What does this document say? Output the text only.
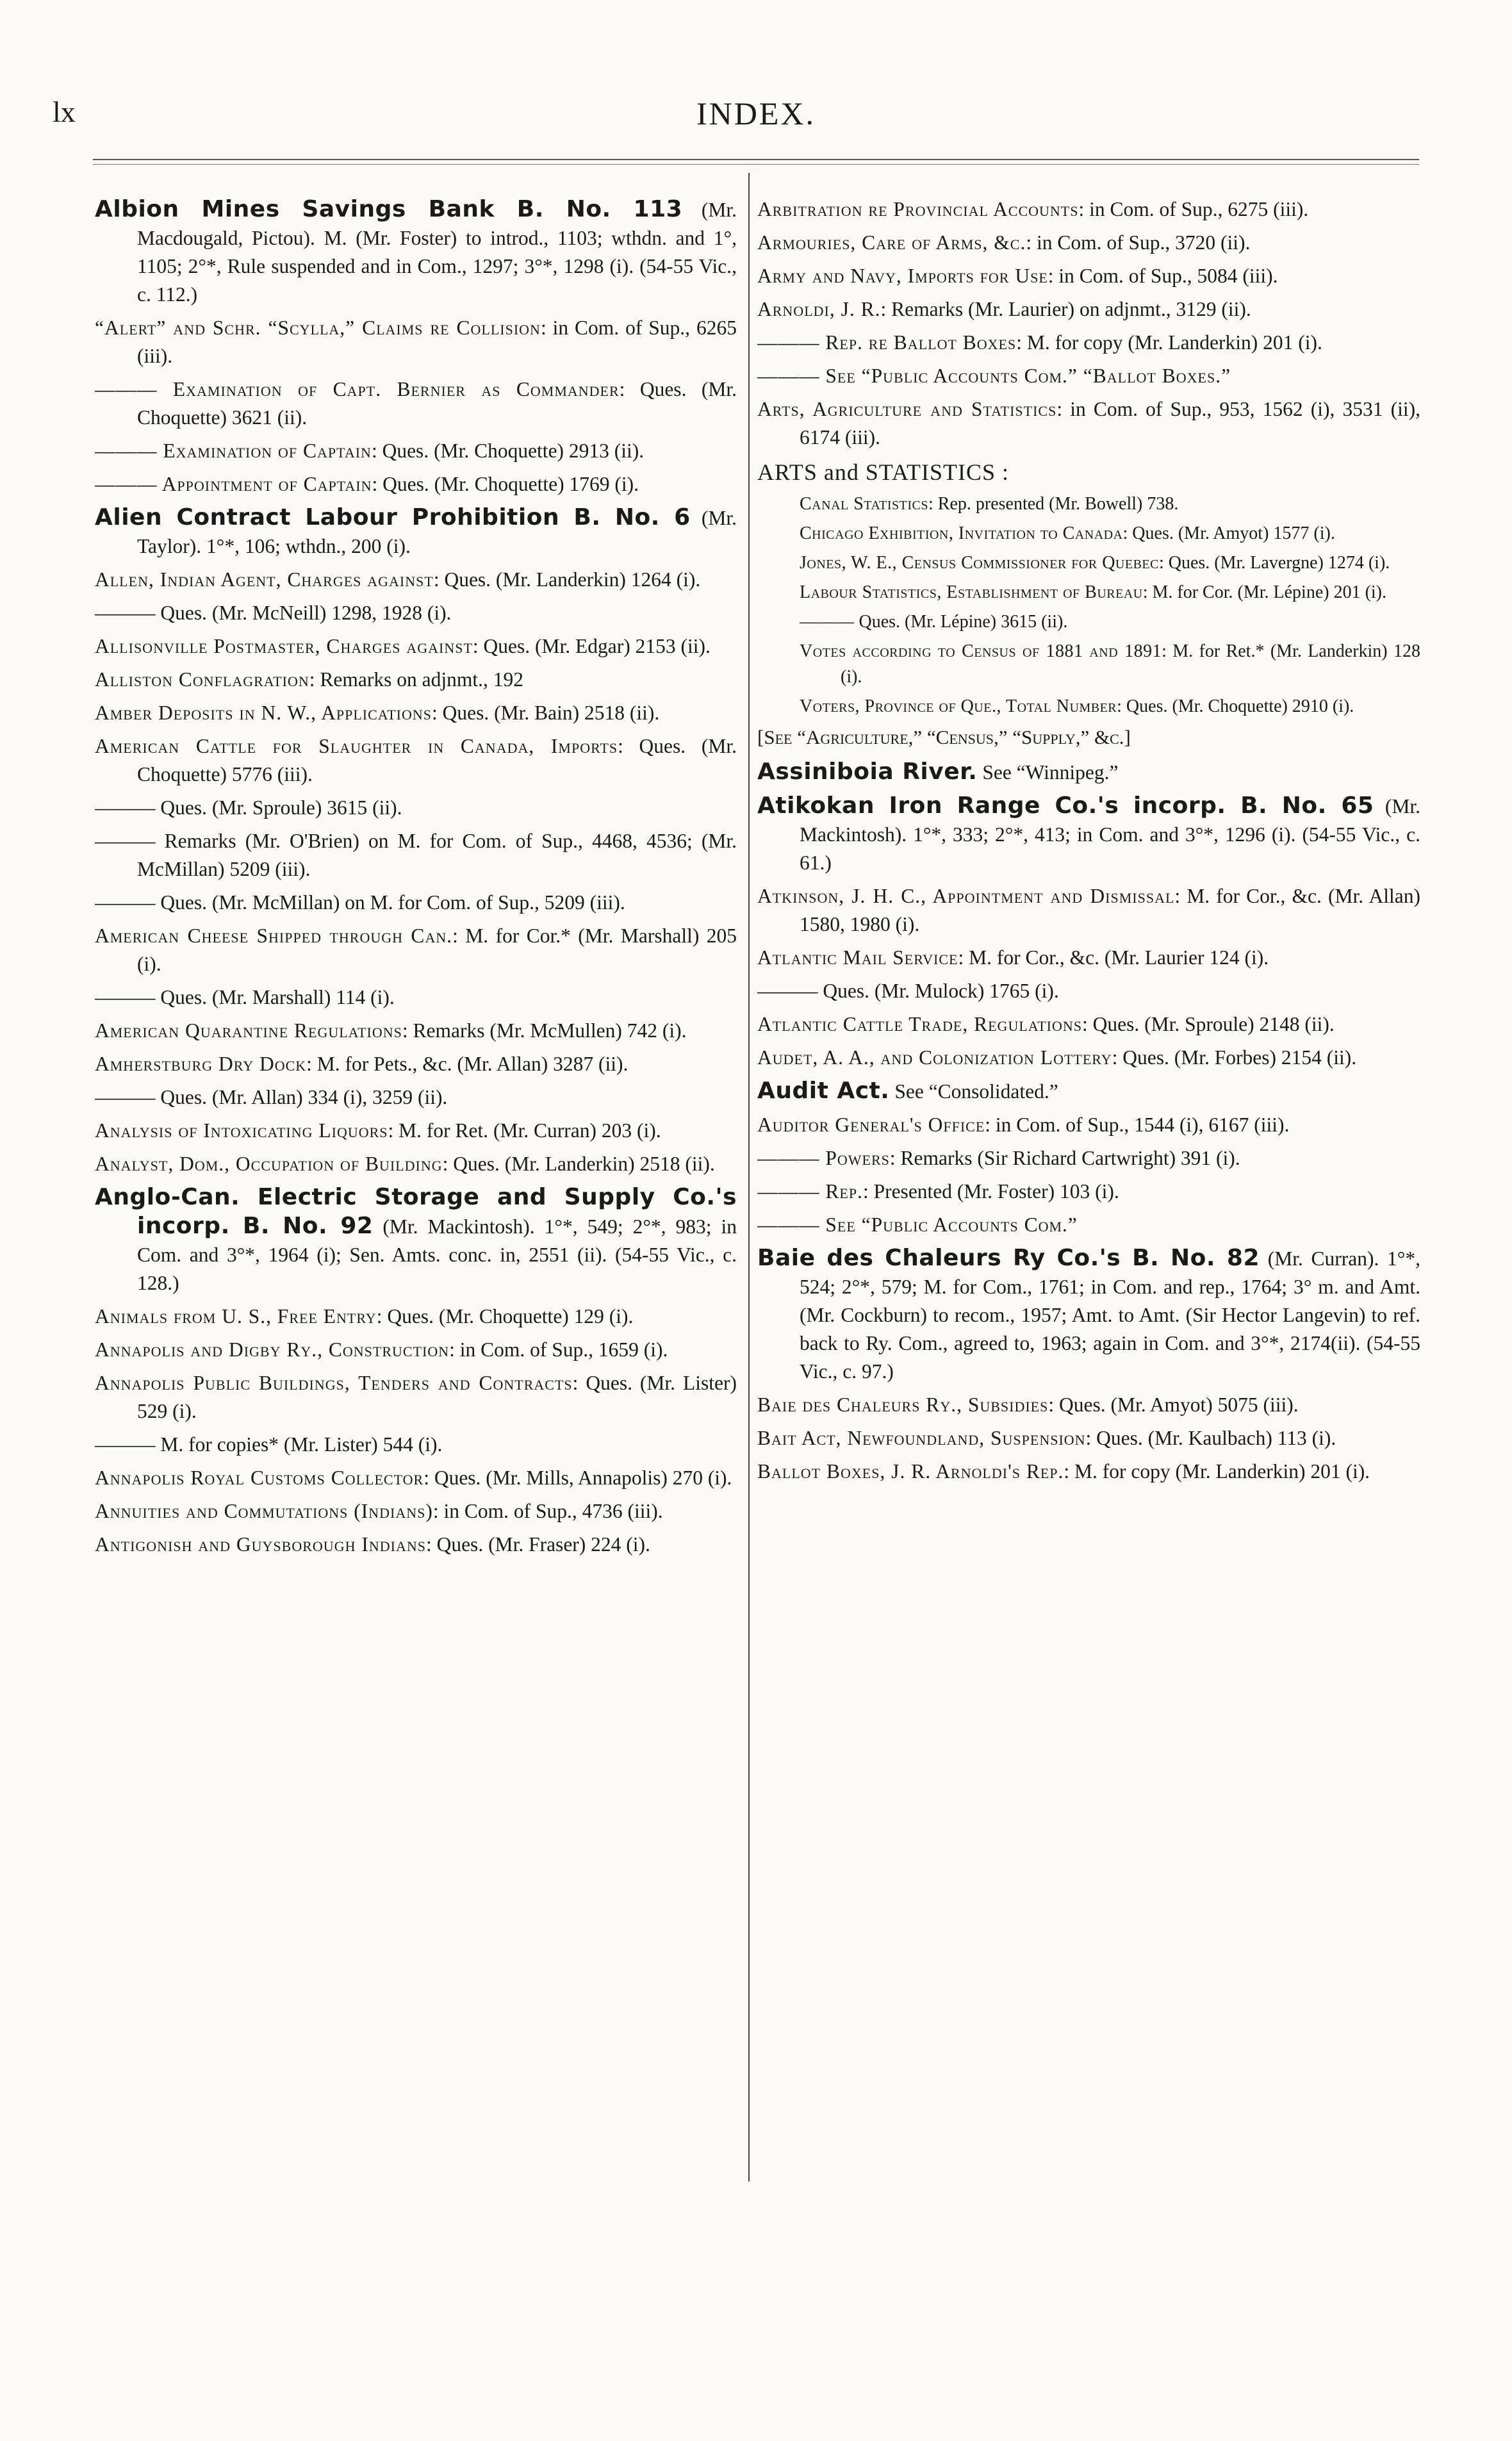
lx	INDEX.

Albion Mines Savings Bank B. No. 113 (Mr. Macdougald, Pictou). M. (Mr. Foster) to introd., 1103; wthdn. and 1°, 1105; 2°*, Rule suspended and in Com., 1297; 3°*, 1298 (i). (54-55 Vic., c. 112.)

“Alert” and Schr. “Scylla,” Claims re Collision: in Com. of Sup., 6265 (iii).

——— Examination of Capt. Bernier as Commander: Ques. (Mr. Choquette) 3621 (ii).

——— Examination of Captain: Ques. (Mr. Choquette) 2913 (ii).

——— Appointment of Captain: Ques. (Mr. Choquette) 1769 (i).

Alien Contract Labour Prohibition B. No. 6 (Mr. Taylor). 1°*, 106; wthdn., 200 (i).

Allen, Indian Agent, Charges against: Ques. (Mr. Landerkin) 1264 (i).

——— Ques. (Mr. McNeill) 1298, 1928 (i).

Allisonville Postmaster, Charges against: Ques. (Mr. Edgar) 2153 (ii).

Alliston Conflagration: Remarks on adjnmt., 192

Amber Deposits in N. W., Applications: Ques. (Mr. Bain) 2518 (ii).

American Cattle for Slaughter in Canada, Imports: Ques. (Mr. Choquette) 5776 (iii).

——— Ques. (Mr. Sproule) 3615 (ii).

——— Remarks (Mr. O'Brien) on M. for Com. of Sup., 4468, 4536; (Mr. McMillan) 5209 (iii).

——— Ques. (Mr. McMillan) on M. for Com. of Sup., 5209 (iii).

American Cheese Shipped through Can.: M. for Cor.* (Mr. Marshall) 205 (i).

——— Ques. (Mr. Marshall) 114 (i).

American Quarantine Regulations: Remarks (Mr. McMullen) 742 (i).

Amherstburg Dry Dock: M. for Pets., &c. (Mr. Allan) 3287 (ii).

——— Ques. (Mr. Allan) 334 (i), 3259 (ii).

Analysis of Intoxicating Liquors: M. for Ret. (Mr. Curran) 203 (i).

Analyst, Dom., Occupation of Building: Ques. (Mr. Landerkin) 2518 (ii).

Anglo-Can. Electric Storage and Supply Co.'s incorp. B. No. 92 (Mr. Mackintosh). 1°*, 549; 2°*, 983; in Com. and 3°*, 1964 (i); Sen. Amts. conc. in, 2551 (ii). (54-55 Vic., c. 128.)

Animals from U. S., Free Entry: Ques. (Mr. Choquette) 129 (i).

Annapolis and Digby Ry., Construction: in Com. of Sup., 1659 (i).

Annapolis Public Buildings, Tenders and Contracts: Ques. (Mr. Lister) 529 (i).

——— M. for copies* (Mr. Lister) 544 (i).

Annapolis Royal Customs Collector: Ques. (Mr. Mills, Annapolis) 270 (i).

Annuities and Commutations (Indians): in Com. of Sup., 4736 (iii).

Antigonish and Guysborough Indians: Ques. (Mr. Fraser) 224 (i).

Arbitration re Provincial Accounts: in Com. of Sup., 6275 (iii).

Armouries, Care of Arms, &c.: in Com. of Sup., 3720 (ii).

Army and Navy, Imports for Use: in Com. of Sup., 5084 (iii).

Arnoldi, J. R.: Remarks (Mr. Laurier) on adjnmt., 3129 (ii).

——— Rep. re Ballot Boxes: M. for copy (Mr. Landerkin) 201 (i).

——— See “Public Accounts Com.” “Ballot Boxes.”

Arts, Agriculture and Statistics: in Com. of Sup., 953, 1562 (i), 3531 (ii), 6174 (iii).

ARTS and STATISTICS :

Canal Statistics: Rep. presented (Mr. Bowell) 738.

Chicago Exhibition, Invitation to Canada: Ques. (Mr. Amyot) 1577 (i).

Jones, W. E., Census Commissioner for Quebec: Ques. (Mr. Lavergne) 1274 (i).

Labour Statistics, Establishment of Bureau: M. for Cor. (Mr. Lépine) 201 (i).

——— Ques. (Mr. Lépine) 3615 (ii).

Votes according to Census of 1881 and 1891: M. for Ret.* (Mr. Landerkin) 128 (i).

Voters, Province of Que., Total Number: Ques. (Mr. Choquette) 2910 (i).

[See “Agriculture,” “Census,” “Supply,” &c.]

Assiniboia River. See “Winnipeg.”

Atikokan Iron Range Co.'s incorp. B. No. 65 (Mr. Mackintosh). 1°*, 333; 2°*, 413; in Com. and 3°*, 1296 (i). (54-55 Vic., c. 61.)

Atkinson, J. H. C., Appointment and Dismissal: M. for Cor., &c. (Mr. Allan) 1580, 1980 (i).

Atlantic Mail Service: M. for Cor., &c. (Mr. Laurier 124 (i).

——— Ques. (Mr. Mulock) 1765 (i).

Atlantic Cattle Trade, Regulations: Ques. (Mr. Sproule) 2148 (ii).

Audet, A. A., and Colonization Lottery: Ques. (Mr. Forbes) 2154 (ii).

Audit Act. See “Consolidated.”

Auditor General's Office: in Com. of Sup., 1544 (i), 6167 (iii).

——— Powers: Remarks (Sir Richard Cartwright) 391 (i).

——— Rep.: Presented (Mr. Foster) 103 (i).

——— See “Public Accounts Com.”

Baie des Chaleurs Ry Co.'s B. No. 82 (Mr. Curran). 1°*, 524; 2°*, 579; M. for Com., 1761; in Com. and rep., 1764; 3° m. and Amt. (Mr. Cockburn) to recom., 1957; Amt. to Amt. (Sir Hector Langevin) to ref. back to Ry. Com., agreed to, 1963; again in Com. and 3°*, 2174(ii). (54-55 Vic., c. 97.)

Baie des Chaleurs Ry., Subsidies: Ques. (Mr. Amyot) 5075 (iii).

Bait Act, Newfoundland, Suspension: Ques. (Mr. Kaulbach) 113 (i).

Ballot Boxes, J. R. Arnoldi's Rep.: M. for copy (Mr. Landerkin) 201 (i).
